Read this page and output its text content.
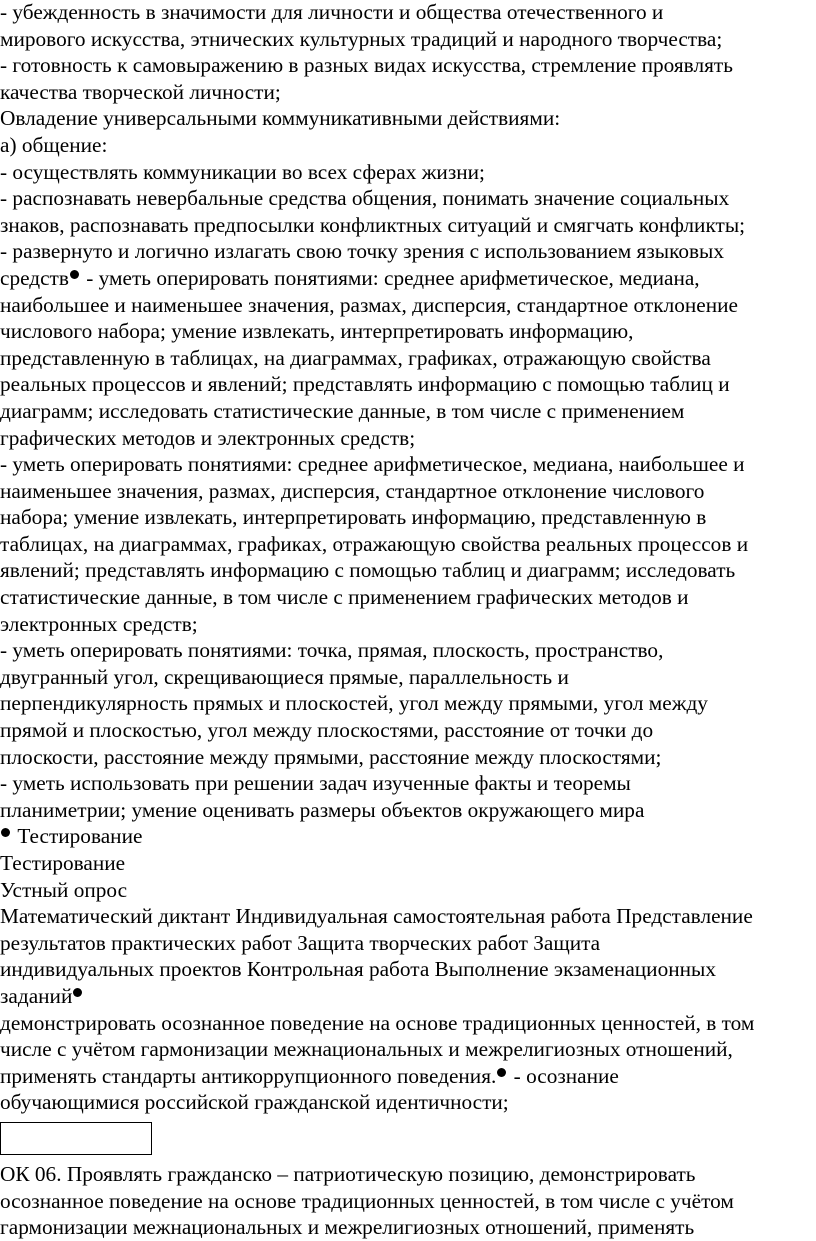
- убежденность в значимости для личности и общества отечественного и
мирового искусства, этнических культурных традиций и народного творчества;
- готовность к самовыражению в разных видах искусства, стремление проявлять
качества творческой личности;
Овладение универсальными коммуникативными действиями:
а) общение:
- осуществлять коммуникации во всех сферах жизни;
- распознавать невербальные средства общения, понимать значение социальных
знаков, распознавать предпосылки конфликтных ситуаций и смягчать конфликты;
- развернуто и логично излагать свою точку зрения с использованием языковых
средств - уметь оперировать понятиями: среднее арифметическое, медиана,
наибольшее и наименьшее значения, размах, дисперсия, стандартное отклонение
числового набора; умение извлекать, интерпретировать информацию,
представленную в таблицах, на диаграммах, графиках, отражающую свойства
реальных процессов и явлений; представлять информацию с помощью таблиц и
диаграмм; исследовать статистические данные, в том числе с применением
графических методов и электронных средств;
- уметь оперировать понятиями: среднее арифметическое, медиана, наибольшее и
наименьшее значения, размах, дисперсия, стандартное отклонение числового
набора; умение извлекать, интерпретировать информацию, представленную в
таблицах, на диаграммах, графиках, отражающую свойства реальных процессов и
явлений; представлять информацию с помощью таблиц и диаграмм; исследовать
статистические данные, в том числе с применением графических методов и
электронных средств;
- уметь оперировать понятиями: точка, прямая, плоскость, пространство,
двугранный угол, скрещивающиеся прямые, параллельность и
перпендикулярность прямых и плоскостей, угол между прямыми, угол между
прямой и плоскостью, угол между плоскостями, расстояние от точки до
плоскости, расстояние между прямыми, расстояние между плоскостями;
- уметь использовать при решении задач изученные факты и теоремы
планиметрии; умение оценивать размеры объектов окружающего мира
Тестирование
Тестирование
Устный опрос
Математический диктант Индивидуальная самостоятельная работа Представление
результатов практических работ Защита творческих работ Защита
индивидуальных проектов Контрольная работа Выполнение экзаменационных
заданий
демонстрировать осознанное поведение на основе традиционных ценностей, в том
числе с учётом гармонизации межнациональных и межрелигиозных отношений,
применять стандарты антикоррупционного поведения. - осознание
обучающимися российской гражданской идентичности;
ОК 06. Проявлять гражданско – патриотическую позицию, демонстрировать
осознанное поведение на основе традиционных ценностей, в том числе с учётом
гармонизации межнациональных и межрелигиозных отношений, применять
